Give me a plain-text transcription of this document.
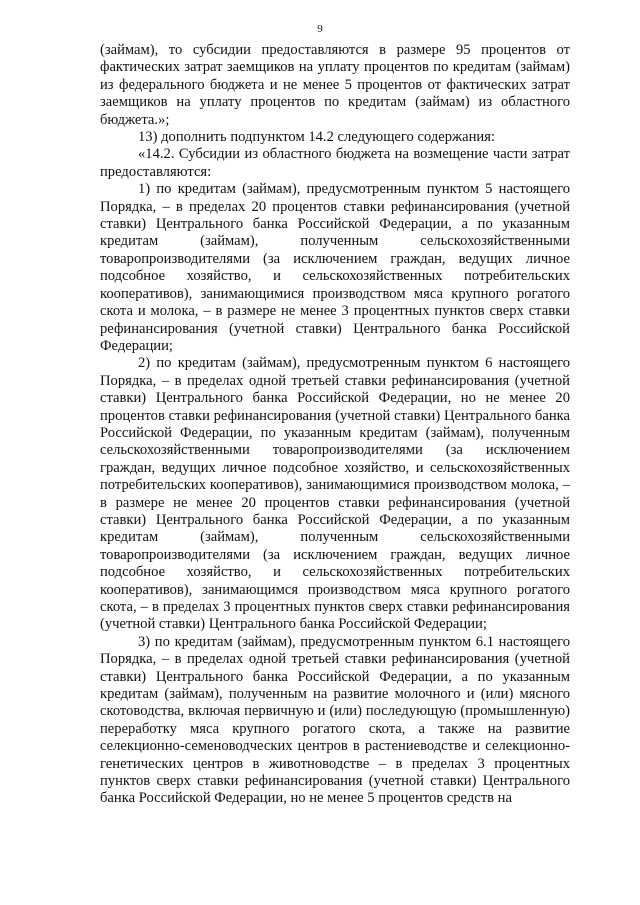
9

(займам), то субсидии предоставляются в размере 95 процентов от фактических затрат заемщиков на уплату процентов по кредитам (займам) из федерального бюджета и не менее 5 процентов от фактических затрат заемщиков на уплату процентов по кредитам (займам) из областного бюджета.»;

13) дополнить подпунктом 14.2 следующего содержания:

«14.2. Субсидии из областного бюджета на возмещение части затрат предоставляются:

1) по кредитам (займам), предусмотренным пунктом 5 настоящего Порядка, – в пределах 20 процентов ставки рефинансирования (учетной ставки) Центрального банка Российской Федерации, а по указанным кредитам (займам), полученным сельскохозяйственными товаропроизводителями (за исключением граждан, ведущих личное подсобное хозяйство, и сельскохозяйственных потребительских кооперативов), занимающимися производством мяса крупного рогатого скота и молока, – в размере не менее 3 процентных пунктов сверх ставки рефинансирования (учетной ставки) Центрального банка Российской Федерации;

2) по кредитам (займам), предусмотренным пунктом 6 настоящего Порядка, – в пределах одной третьей ставки рефинансирования (учетной ставки) Центрального банка Российской Федерации, но не менее 20 процентов ставки рефинансирования (учетной ставки) Центрального банка Российской Федерации, по указанным кредитам (займам), полученным сельскохозяйственными товаропроизводителями (за исключением граждан, ведущих личное подсобное хозяйство, и сельскохозяйственных потребительских кооперативов), занимающимися производством молока, – в размере не менее 20 процентов ставки рефинансирования (учетной ставки) Центрального банка Российской Федерации, а по указанным кредитам (займам), полученным сельскохозяйственными товаропроизводителями (за исключением граждан, ведущих личное подсобное хозяйство, и сельскохозяйственных потребительских кооперативов), занимающимся производством мяса крупного рогатого скота, – в пределах 3 процентных пунктов сверх ставки рефинансирования (учетной ставки) Центрального банка Российской Федерации;

3) по кредитам (займам), предусмотренным пунктом 6.1 настоящего Порядка, – в пределах одной третьей ставки рефинансирования (учетной ставки) Центрального банка Российской Федерации, а по указанным кредитам (займам), полученным на развитие молочного и (или) мясного скотоводства, включая первичную и (или) последующую (промышленную) переработку мяса крупного рогатого скота, а также на развитие селекционно-семеноводческих центров в растениеводстве и селекционно-генетических центров в животноводстве – в пределах 3 процентных пунктов сверх ставки рефинансирования (учетной ставки) Центрального банка Российской Федерации, но не менее 5 процентов средств на
